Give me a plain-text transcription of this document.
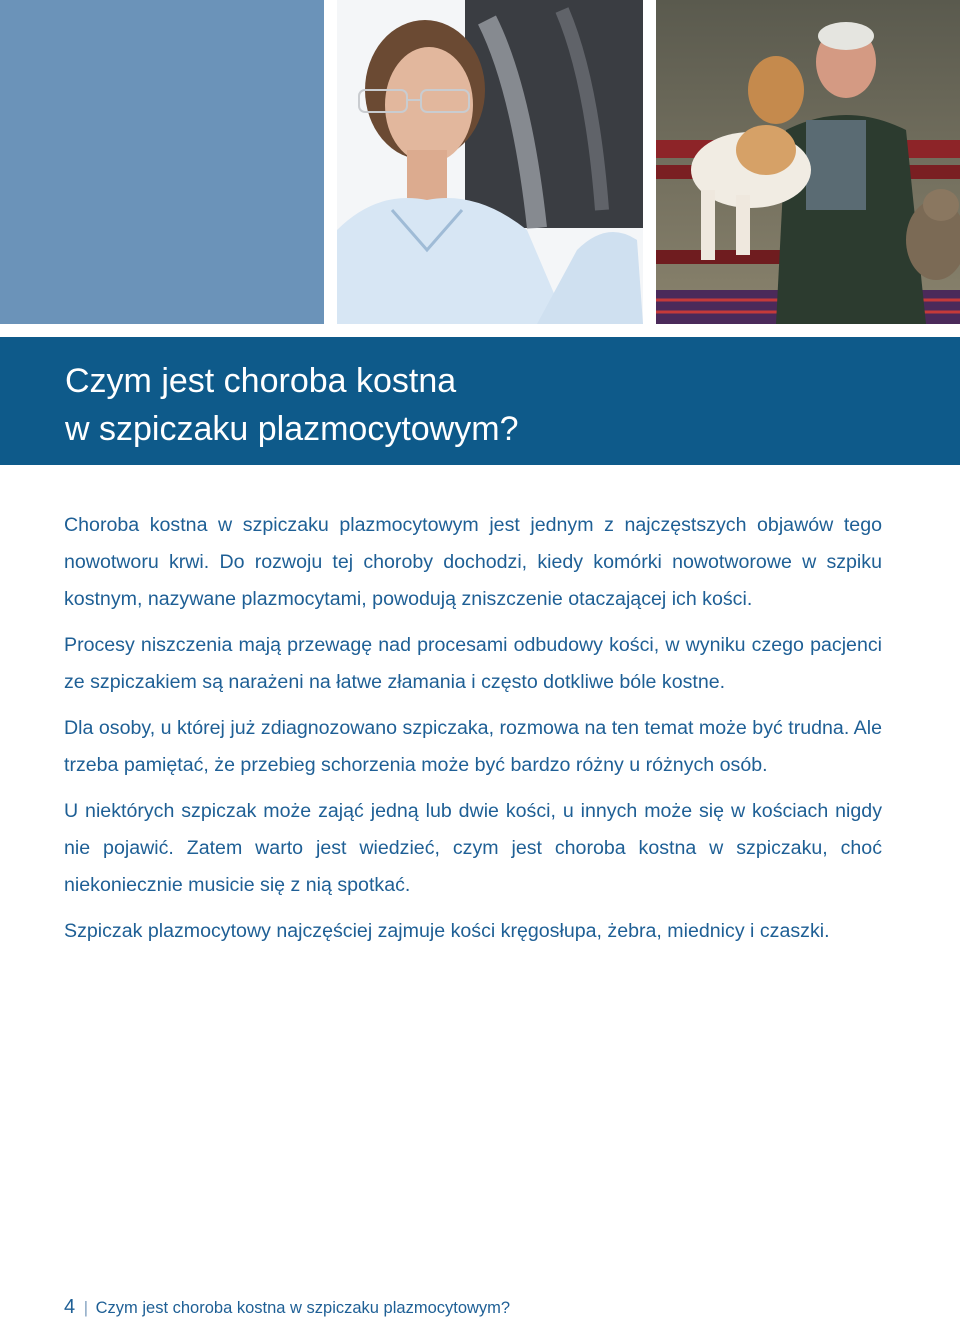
Czym jest choroba kostna
w szpiczaku plazmocytowym?

Choroba kostna w szpiczaku plazmocytowym jest jednym z najczęstszych objawów tego nowotworu krwi. Do rozwoju tej choroby dochodzi, kiedy komórki nowotworowe w szpiku kostnym, nazywane plazmocytami, powodują zniszczenie otaczającej ich kości.

Procesy niszczenia mają przewagę nad procesami odbudowy kości, w wyniku czego pacjenci ze szpiczakiem są narażeni na łatwe złamania i często dotkliwe bóle kostne.

Dla osoby, u której już zdiagnozowano szpiczaka, rozmowa na ten temat może być trudna. Ale trzeba pamiętać, że przebieg schorzenia może być bardzo różny u różnych osób.

U niektórych szpiczak może zająć jedną lub dwie kości, u innych może się w kościach nigdy nie pojawić. Zatem warto jest wiedzieć, czym jest choroba kostna w szpiczaku, choć niekoniecznie musicie się z nią spotkać.

Szpiczak plazmocytowy najczęściej zajmuje kości kręgosłupa, żebra, miednicy i czaszki.

4 | Czym jest choroba kostna w szpiczaku plazmocytowym?
